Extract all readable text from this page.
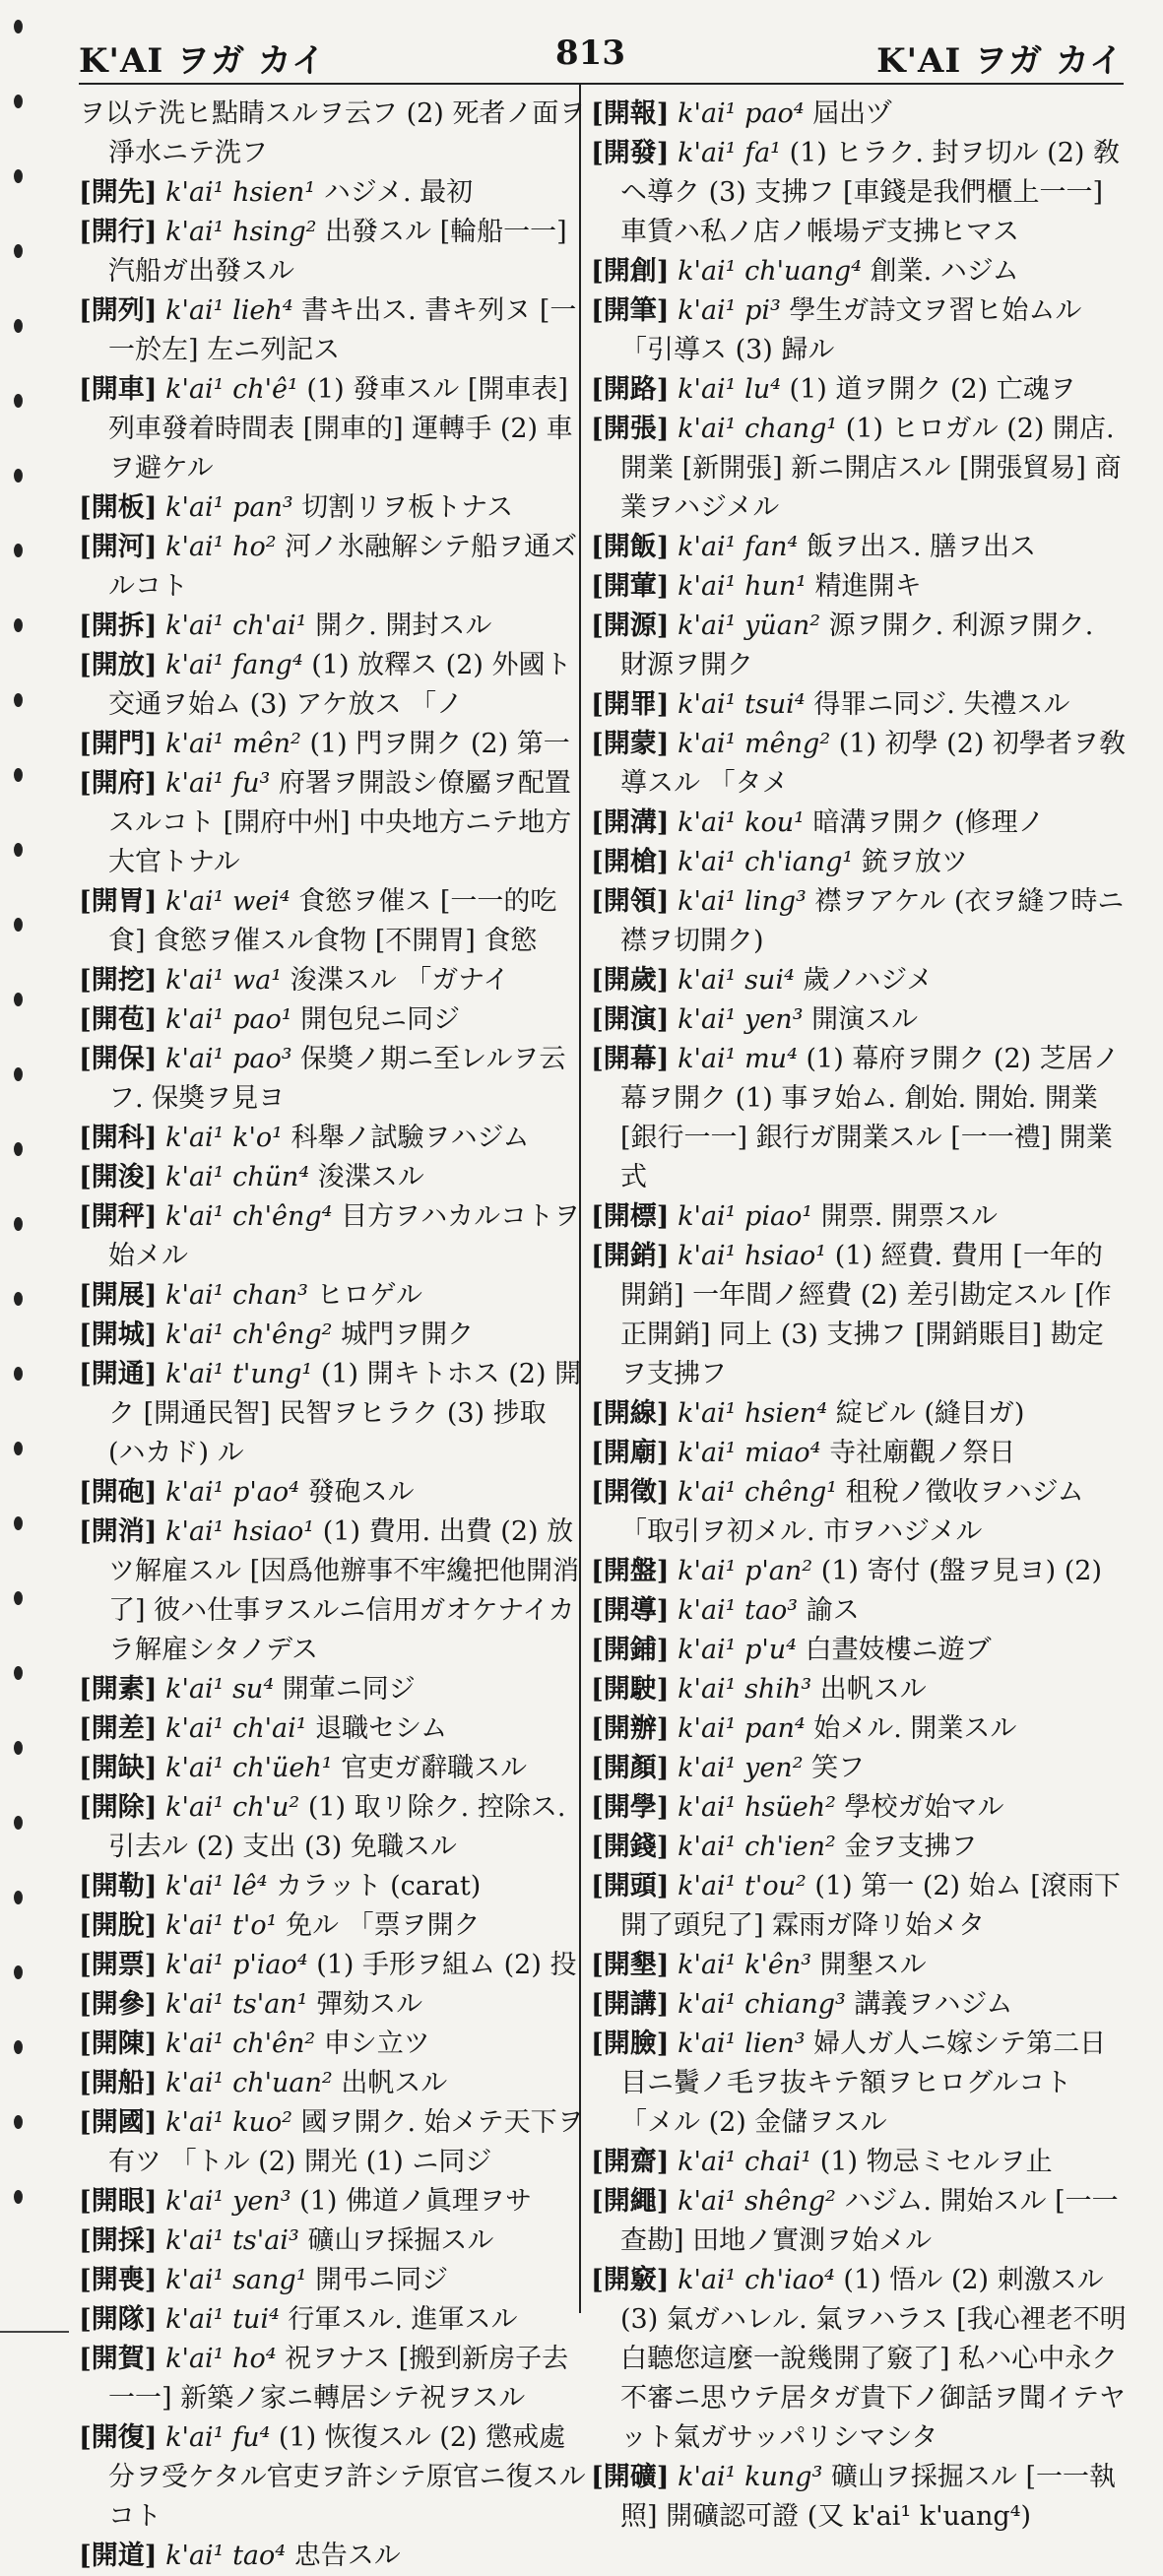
K'AI ヲガ カイ	813	K'AI ヲガ カイ

ヲ以テ洗ヒ點睛スルヲ云フ (2) 死者ノ面ヲ淨水ニテ洗フ

[開先] k'ai¹ hsien¹ ハジメ. 最初

[開行] k'ai¹ hsing² 出發スル [輪船一一] 汽船ガ出發スル

[開列] k'ai¹ lieh⁴ 書キ出ス. 書キ列ヌ [一一於左] 左ニ列記ス

[開車] k'ai¹ ch'ê¹ (1) 發車スル [開車表] 列車發着時間表 [開車的] 運轉手 (2) 車ヲ避ケル

[開板] k'ai¹ pan³ 切割リヲ板トナス

[開河] k'ai¹ ho² 河ノ氷融解シテ船ヲ通ズルコト

[開拆] k'ai¹ ch'ai¹ 開ク. 開封スル

[開放] k'ai¹ fang⁴ (1) 放釋ス (2) 外國ト交通ヲ始ム (3) アケ放ス 「ノ

[開門] k'ai¹ mên² (1) 門ヲ開ク (2) 第一

[開府] k'ai¹ fu³ 府署ヲ開設シ僚屬ヲ配置スルコト [開府中州] 中央地方ニテ地方大官トナル

[開胃] k'ai¹ wei⁴ 食慾ヲ催ス [一一的吃食] 食慾ヲ催スル食物 [不開胃] 食慾

[開挖] k'ai¹ wa¹ 浚渫スル 「ガナイ

[開苞] k'ai¹ pao¹ 開包兒ニ同ジ

[開保] k'ai¹ pao³ 保奬ノ期ニ至レルヲ云フ. 保奬ヲ見ヨ

[開科] k'ai¹ k'o¹ 科舉ノ試驗ヲハジム

[開浚] k'ai¹ chün⁴ 浚渫スル

[開秤] k'ai¹ ch'êng⁴ 目方ヲハカルコトヲ始メル

[開展] k'ai¹ chan³ ヒロゲル

[開城] k'ai¹ ch'êng² 城門ヲ開ク

[開通] k'ai¹ t'ung¹ (1) 開キトホス (2) 開ク [開通民智] 民智ヲヒラク (3) 捗取 (ハカド) ル

[開砲] k'ai¹ p'ao⁴ 發砲スル

[開消] k'ai¹ hsiao¹ (1) 費用. 出費 (2) 放ツ解雇スル [因爲他辦事不牢纔把他開消了] 彼ハ仕事ヲスルニ信用ガオケナイカラ解雇シタノデス

[開素] k'ai¹ su⁴ 開葷ニ同ジ

[開差] k'ai¹ ch'ai¹ 退職セシム

[開缺] k'ai¹ ch'üeh¹ 官吏ガ辭職スル

[開除] k'ai¹ ch'u² (1) 取リ除ク. 控除ス. 引去ル (2) 支出 (3) 免職スル

[開勒] k'ai¹ lê⁴ カラット (carat)

[開脫] k'ai¹ t'o¹ 免ル 「票ヲ開ク

[開票] k'ai¹ p'iao⁴ (1) 手形ヲ組ム (2) 投

[開參] k'ai¹ ts'an¹ 彈劾スル

[開陳] k'ai¹ ch'ên² 申シ立ツ

[開船] k'ai¹ ch'uan² 出帆スル

[開國] k'ai¹ kuo² 國ヲ開ク. 始メテ天下ヲ有ツ 「トル (2) 開光 (1) ニ同ジ

[開眼] k'ai¹ yen³ (1) 佛道ノ眞理ヲサ

[開採] k'ai¹ ts'ai³ 礦山ヲ採掘スル

[開喪] k'ai¹ sang¹ 開弔ニ同ジ

[開隊] k'ai¹ tui⁴ 行軍スル. 進軍スル

[開賀] k'ai¹ ho⁴ 祝ヲナス [搬到新房子去一一] 新築ノ家ニ轉居シテ祝ヲスル

[開復] k'ai¹ fu⁴ (1) 恢復スル (2) 懲戒處分ヲ受ケタル官吏ヲ許シテ原官ニ復スルコト

[開道] k'ai¹ tao⁴ 忠告スル

[開報] k'ai¹ pao⁴ 屆出ヅ

[開發] k'ai¹ fa¹ (1) ヒラク. 封ヲ切ル (2) 敎ヘ導ク (3) 支拂フ [車錢是我們櫃上一一] 車賃ハ私ノ店ノ帳場デ支拂ヒマス

[開創] k'ai¹ ch'uang⁴ 創業. ハジム

[開筆] k'ai¹ pi³ 學生ガ詩文ヲ習ヒ始ムル 「引導ス (3) 歸ル

[開路] k'ai¹ lu⁴ (1) 道ヲ開ク (2) 亡魂ヲ

[開張] k'ai¹ chang¹ (1) ヒロガル (2) 開店. 開業 [新開張] 新ニ開店スル [開張貿易] 商業ヲハジメル

[開飯] k'ai¹ fan⁴ 飯ヲ出ス. 膳ヲ出ス

[開葷] k'ai¹ hun¹ 精進開キ

[開源] k'ai¹ yüan² 源ヲ開ク. 利源ヲ開ク. 財源ヲ開ク

[開罪] k'ai¹ tsui⁴ 得罪ニ同ジ. 失禮スル

[開蒙] k'ai¹ mêng² (1) 初學 (2) 初學者ヲ敎導スル 「タメ

[開溝] k'ai¹ kou¹ 暗溝ヲ開ク (修理ノ

[開槍] k'ai¹ ch'iang¹ 銃ヲ放ツ

[開領] k'ai¹ ling³ 襟ヲアケル (衣ヲ縫フ時ニ襟ヲ切開ク)

[開歲] k'ai¹ sui⁴ 歲ノハジメ

[開演] k'ai¹ yen³ 開演スル

[開幕] k'ai¹ mu⁴ (1) 幕府ヲ開ク (2) 芝居ノ幕ヲ開ク (1) 事ヲ始ム. 創始. 開始. 開業 [銀行一一] 銀行ガ開業スル [一一禮] 開業式

[開標] k'ai¹ piao¹ 開票. 開票スル

[開銷] k'ai¹ hsiao¹ (1) 經費. 費用 [一年的開銷] 一年間ノ經費 (2) 差引勘定スル [作正開銷] 同上 (3) 支拂フ [開銷賬目] 勘定ヲ支拂フ

[開線] k'ai¹ hsien⁴ 綻ビル (縫目ガ)

[開廟] k'ai¹ miao⁴ 寺社廟觀ノ祭日

[開徵] k'ai¹ chêng¹ 租稅ノ徵收ヲハジム 「取引ヲ初メル. 市ヲハジメル

[開盤] k'ai¹ p'an² (1) 寄付 (盤ヲ見ヨ) (2)

[開導] k'ai¹ tao³ 諭ス

[開鋪] k'ai¹ p'u⁴ 白晝妓樓ニ遊ブ

[開駛] k'ai¹ shih³ 出帆スル

[開辦] k'ai¹ pan⁴ 始メル. 開業スル

[開顏] k'ai¹ yen² 笑フ

[開學] k'ai¹ hsüeh² 學校ガ始マル

[開錢] k'ai¹ ch'ien² 金ヲ支拂フ

[開頭] k'ai¹ t'ou² (1) 第一 (2) 始ム [滾雨下開了頭兒了] 霖雨ガ降リ始メタ

[開墾] k'ai¹ k'ên³ 開墾スル

[開講] k'ai¹ chiang³ 講義ヲハジム

[開臉] k'ai¹ lien³ 婦人ガ人ニ嫁シテ第二日目ニ鬢ノ毛ヲ抜キテ額ヲヒログルコト 「メル (2) 金儲ヲスル

[開齋] k'ai¹ chai¹ (1) 物忌ミセルヲ止

[開繩] k'ai¹ shêng² ハジム. 開始スル [一一查勘] 田地ノ實測ヲ始メル

[開竅] k'ai¹ ch'iao⁴ (1) 悟ル (2) 刺激スル (3) 氣ガハレル. 氣ヲハラス [我心裡老不明白聽您這麼一說幾開了竅了] 私ハ心中永ク不審ニ思ウテ居タガ貴下ノ御話ヲ聞イテヤット氣ガサッパリシマシタ

[開礦] k'ai¹ kung³ 礦山ヲ採掘スル [一一執照] 開礦認可證 (又 k'ai¹ k'uang⁴)
